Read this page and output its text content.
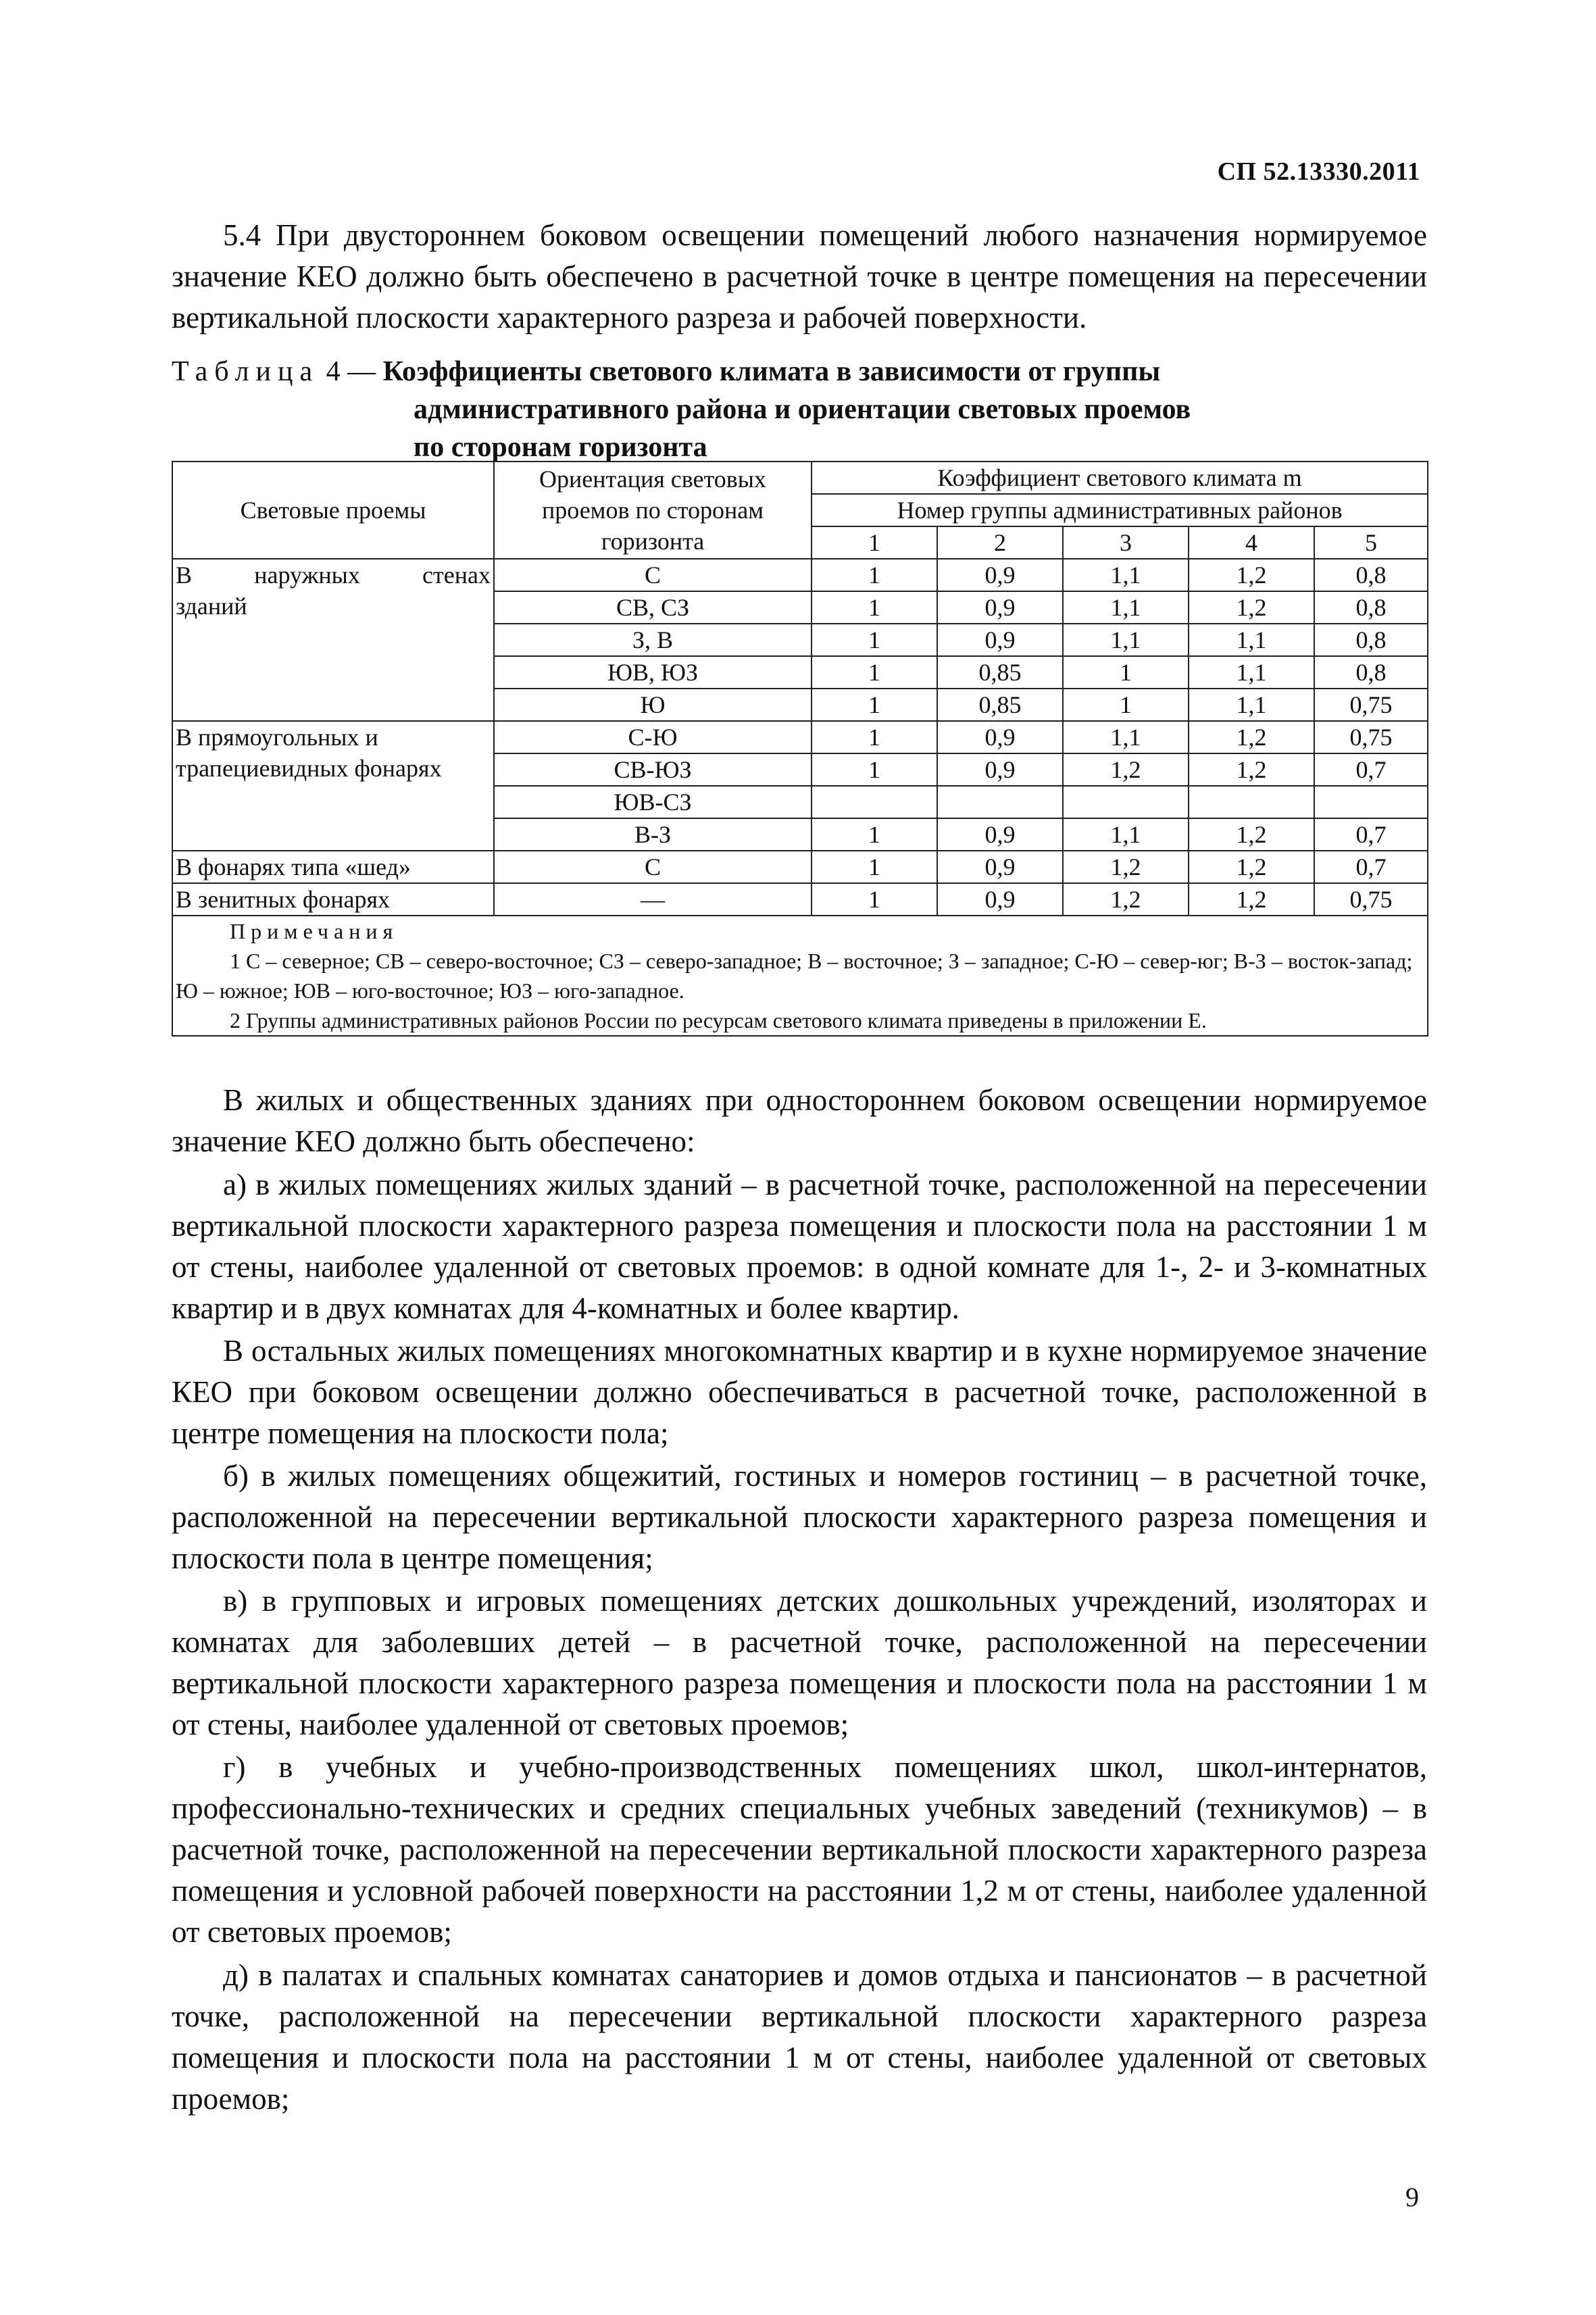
СП 52.13330.2011
5.4 При двустороннем боковом освещении помещений любого назначения нормируемое значение КЕО должно быть обеспечено в расчетной точке в центре помещения на пересечении вертикальной плоскости характерного разреза и рабочей поверхности.
Таблица 4 — Коэффициенты светового климата в зависимости от группы
административного района и ориентации световых проемов
по сторонам горизонта
Световые проемы	Ориентация световых проемов по сторонам горизонта	Коэффициент светового климата m				
		Номер группы административных районов				
		1	2	3	4	5

В наружных стенах
зданий	С	1	0,9	1,1	1,2	0,8
	СВ, СЗ	1	0,9	1,1	1,2	0,8
	З, В	1	0,9	1,1	1,1	0,8
	ЮВ, ЮЗ	1	0,85	1	1,1	0,8
	Ю	1	0,85	1	1,1	0,75

В прямоугольных и
трапециевидных фонарях	С-Ю	1	0,9	1,1	1,2	0,75
	СВ-ЮЗ	1	0,9	1,2	1,2	0,7
	ЮВ-СЗ					
	В-З	1	0,9	1,1	1,2	0,7
В фонарях типа «шед»	С	1	0,9	1,2	1,2	0,7
В зенитных фонарях	—	1	0,9	1,2	1,2	0,75

Примечания
1 С – северное; СВ – северо-восточное; СЗ – северо-западное; В – восточное; З – западное; С-Ю – север-юг; В-З – восток-запад; Ю – южное; ЮВ – юго-восточное; ЮЗ – юго-западное.
2 Группы административных районов России по ресурсам светового климата приведены в приложении Е.						
В жилых и общественных зданиях при одностороннем боковом освещении нормируемое значение КЕО должно быть обеспечено:
а) в жилых помещениях жилых зданий – в расчетной точке, расположенной на пересечении вертикальной плоскости характерного разреза помещения и плоскости пола на расстоянии 1 м от стены, наиболее удаленной от световых проемов: в одной комнате для 1-, 2- и 3-комнатных квартир и в двух комнатах для 4-комнатных и более квартир.
В остальных жилых помещениях многокомнатных квартир и в кухне нормируемое значение КЕО при боковом освещении должно обеспечиваться в расчетной точке, расположенной в центре помещения на плоскости пола;
б) в жилых помещениях общежитий, гостиных и номеров гостиниц – в расчетной точке, расположенной на пересечении вертикальной плоскости характерного разреза помещения и плоскости пола в центре помещения;
в) в групповых и игровых помещениях детских дошкольных учреждений, изоляторах и комнатах для заболевших детей – в расчетной точке, расположенной на пересечении вертикальной плоскости характерного разреза помещения и плоскости пола на расстоянии 1 м от стены, наиболее удаленной от световых проемов;
г) в учебных и учебно-производственных помещениях школ, школ-интернатов, профессионально-технических и средних специальных учебных заведений (техникумов) – в расчетной точке, расположенной на пересечении вертикальной плоскости характерного разреза помещения и условной рабочей поверхности на расстоянии 1,2 м от стены, наиболее удаленной от световых проемов;
д) в палатах и спальных комнатах санаториев и домов отдыха и пансионатов – в расчетной точке, расположенной на пересечении вертикальной плоскости характерного разреза помещения и плоскости пола на расстоянии 1 м от стены, наиболее удаленной от световых проемов;
9
